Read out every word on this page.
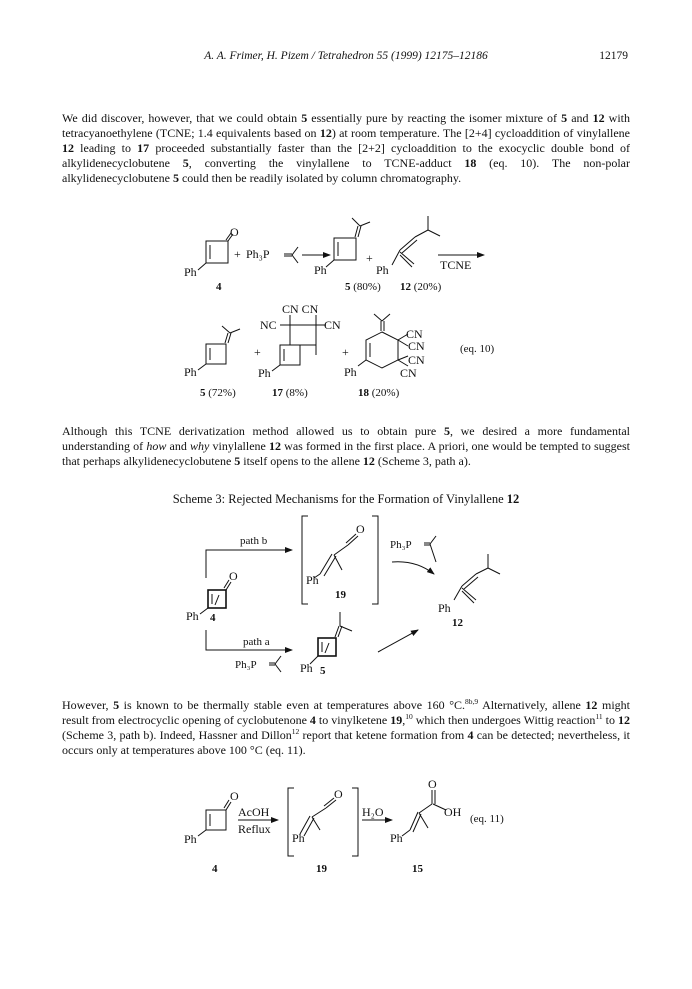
A. A. Frimer, H. Pizem / Tetrahedron 55 (1999) 12175–12186	12179
We did discover, however, that we could obtain 5 essentially pure by reacting the isomer mixture of 5 and 12 with tetracyanoethylene (TCNE; 1.4 equivalents based on 12) at room temperature. The [2+4] cycloaddition of vinylallene 12 leading to 17 proceeded substantially faster than the [2+2] cycloaddition to the exocyclic double bond of alkylidenecyclobutene 5, converting the vinylallene to TCNE-adduct 18 (eq. 10). The non-polar alkylidenecyclobutene 5 could then be readily isolated by column chromatography.
Although this TCNE derivatization method allowed us to obtain pure 5, we desired a more fundamental understanding of how and why vinylallene 12 was formed in the first place. A priori, one would be tempted to suggest that perhaps alkylidenecyclobutene 5 itself opens to the allene 12 (Scheme 3, path a).
Scheme 3: Rejected Mechanisms for the Formation of Vinylallene 12
However, 5 is known to be thermally stable even at temperatures above 160 °C.$^{8b,9}$ Alternatively, allene 12 might result from electrocyclic opening of cyclobutenone 4 to vinylketene 19,10 which then undergoes Wittig reaction$^{11}$ to 12 (Scheme 3, path b). Indeed, Hassner and Dillon$^{12}$ report that ketene formation from 4 can be detected; nevertheless, it occurs only at temperatures above 100 °C (eq. 11).
O
Ph
4
+ Ph₃P
Ph
+
5 (80%)
Ph
12 (20%)
TCNE
Ph
5 (72%)
+
CN CN
NC	CN
Ph
17 (8%)
+
CN
CN
CN
CN
Ph
18 (20%)
(eq. 10)
path b
path a
O
Ph 4
O
Ph
19
Ph₃P
Ph
12
Ph 5
Ph₃P
O
Ph
4
AcOH
Reflux
O
Ph
19
H₂O
O
OH
Ph
15
(eq. 11)
